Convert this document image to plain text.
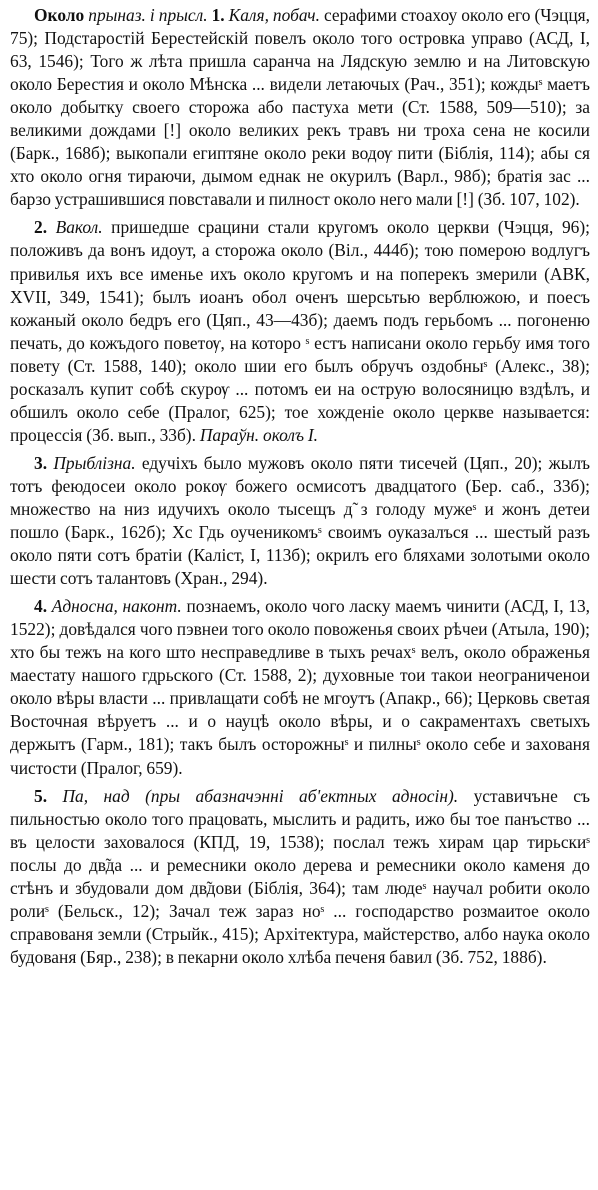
Около прыназ. і прысл. 1. Каля, побач. серафими стоахоу около его (Чэцця, 75); Подстаростій Берестейскій повелъ около того островка управо (АСД, I, 63, 1546); Того ж лѣта пришла саранча на Лядскую землю и на Литовскую около Берестия и около Мѣнска ... видели летаючых (Рач., 351); кождыˢ маетъ около добытку своего сторожа або пастуха мети (Ст. 1588, 509—510); за великими дождами [!] около великих рекъ травъ ни троха сена не косили (Барк., 168б); выкопали египтяне около реки водѹ пити (Біблія, 114); абы ся хто около огня тираючи, дымом еднак не окурилъ (Варл., 98б); братія зас ... барзо устрашившися повставали и пилност около него мали [!] (Зб. 107, 102).

2. Вакол. пришедше срацини стали кругомъ около церкви (Чэцця, 96); положивъ да вонъ идоут, а сторожа около (Віл., 444б); тою померою водлугъ привилья ихъ все именье ихъ около кругомъ и на поперекъ змерили (АВК, XVII, 349, 1541); былъ иоанъ обол оченъ шерсьтью верблюжою, и поесъ кожаный около бедръ его (Цяп., 43—43б); даемъ подъ герьбомъ ... погоненю печать, до кожъдого поветѹ, на которо ˢ естъ написани около герьбу имя того повету (Ст. 1588, 140); около шии его былъ обручъ оздобныˢ (Алекс., 38); росказалъ купит собѣ скурѹ ... потомъ еи на острую волосяницю вздѣлъ, и обшилъ около себе (Пралог, 625); тое хожденіе около церкве называется: процессія (Зб. вып., 33б). Параўн. околъ I.

3. Прыблізна. едучіхъ было мужовъ около пяти тисечей (Цяп., 20); жылъ тотъ феюдосеи около рокѹ божего осмисотъ двадцатого (Бер. саб., 33б); множество на низ идучихъ около тысещъ д̃ з голоду мужеˢ и жонъ детеи пошло (Барк., 162б); Хс Гдь оученикомъˢ своимъ оуказалъся ... шестый разъ около пяти сотъ братіи (Каліст, I, 113б); окрилъ его бляхами золотыми около шести сотъ талантовъ (Хран., 294).

4. Адносна, наконт. познаемъ, около чого ласку маемъ чинити (АСД, I, 13, 1522); довѣдался чого пэвнеи того около повоженья своих рѣчеи (Атыла, 190); хто бы тежъ на кого што несправедливе в тыхъ речахˢ велъ, около ображенья маестату нашого гдрьского (Ст. 1588, 2); духовные тои такои неограниченои около вѣры власти ... привлащати собѣ не мгоутъ (Апакр., 66); Церковь светая Восточная вѣруетъ ... и о науцѣ около вѣры, и о сакраментахъ светыхъ держытъ (Гарм., 181); такъ былъ осторожныˢ и пилныˢ около себе и захованя чистости (Пралог, 659).

5. Па, над (пры абазначэнні аб'ектных адносін). уставичъне съ пильностью около того працовать, мыслить и радить, ижо бы тое панъство ... въ целости заховалося (КПД, 19, 1538); послал тежъ хирам цар тирьскиˢ послы до дв̃да ... и ремесники около дерева и ремесники около каменя до стѣнъ и збудовали дом дв̃дови (Біблія, 364); там людеˢ научал робити около ролиˢ (Бельск., 12); Зачал теж зараз ноˢ ... господарство розмаитое около справованя земли (Стрыйк., 415); Архітектура, майстерство, албо наука около будованя (Бяр., 238); в пекарни около хлѣба печеня бавил (Зб. 752, 188б).
